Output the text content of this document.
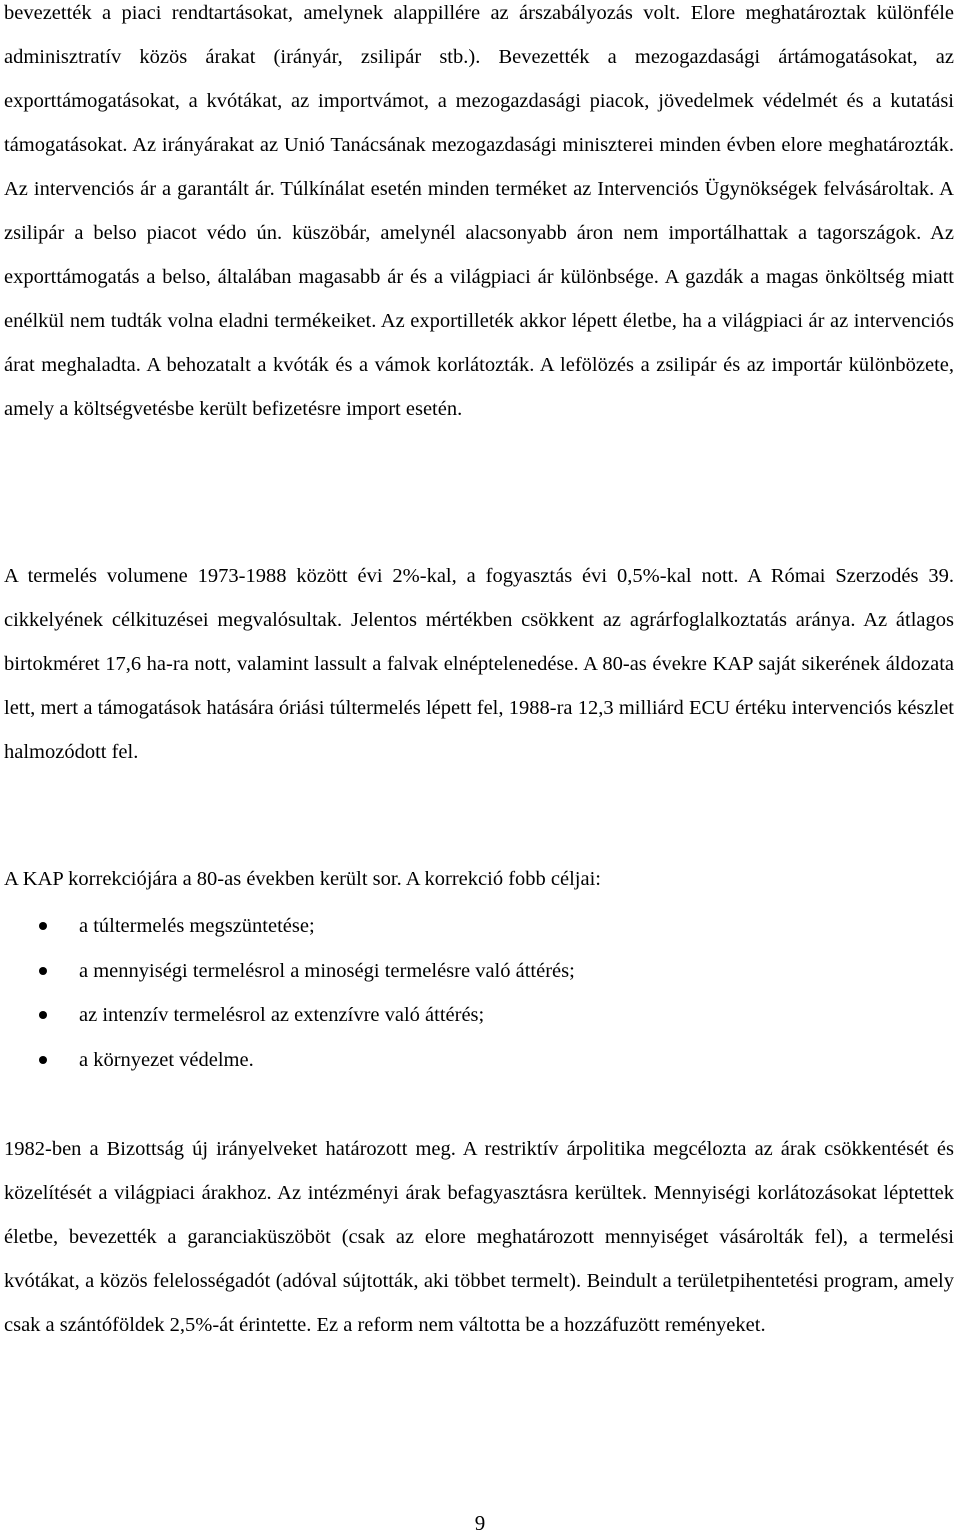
bevezették a piaci rendtartásokat, amelynek alappillére az árszabályozás volt. Elore meghatároztak különféle adminisztratív közös árakat (irányár, zsilipár stb.). Bevezették a mezogazdasági ártámogatásokat, az exporttámogatásokat, a kvótákat, az importvámot, a mezogazdasági piacok, jövedelmek védelmét és a kutatási támogatásokat. Az irányárakat az Unió Tanácsának mezogazdasági miniszterei minden évben elore meghatározták. Az intervenciós ár a garantált ár. Túlkínálat esetén minden terméket az Intervenciós Ügynökségek felvásároltak. A zsilipár a belso piacot védo ún. küszöbár, amelynél alacsonyabb áron nem importálhattak a tagországok. Az exporttámogatás a belso, általában magasabb ár és a világpiaci ár különbsége. A gazdák a magas önköltség miatt enélkül nem tudták volna eladni termékeiket. Az exportilleték akkor lépett életbe, ha a világpiaci ár az intervenciós árat meghaladta. A behozatalt a kvóták és a vámok korlátozták. A lefölözés a zsilipár és az importár különbözete, amely a költségvetésbe került befizetésre import esetén.

A termelés volumene 1973-1988 között évi 2%-kal, a fogyasztás évi 0,5%-kal nott. A Római Szerzodés 39. cikkelyének célkituzései megvalósultak. Jelentos mértékben csökkent az agrárfoglalkoztatás aránya. Az átlagos birtokméret 17,6 ha-ra nott, valamint lassult a falvak elnéptelenedése. A 80-as évekre KAP saját sikerének áldozata lett, mert a támogatások hatására óriási túltermelés lépett fel, 1988-ra 12,3 milliárd ECU értéku intervenciós készlet halmozódott fel.

A KAP korrekciójára a 80-as években került sor. A korrekció fobb céljai:

a túltermelés megszüntetése;
a mennyiségi termelésrol a minoségi termelésre való áttérés;
az intenzív termelésrol az extenzívre való áttérés;
a környezet védelme.

1982-ben a Bizottság új irányelveket határozott meg. A restriktív árpolitika megcélozta az árak csökkentését és közelítését a világpiaci árakhoz. Az intézményi árak befagyasztásra kerültek. Mennyiségi korlátozásokat léptettek életbe, bevezették a garanciaküszöböt (csak az elore meghatározott mennyiséget vásárolták fel), a termelési kvótákat, a közös felelosségadót (adóval sújtották, aki többet termelt). Beindult a területpihentetési program, amely csak a szántóföldek 2,5%-át érintette. Ez a reform nem váltotta be a hozzáfuzött reményeket.

9
